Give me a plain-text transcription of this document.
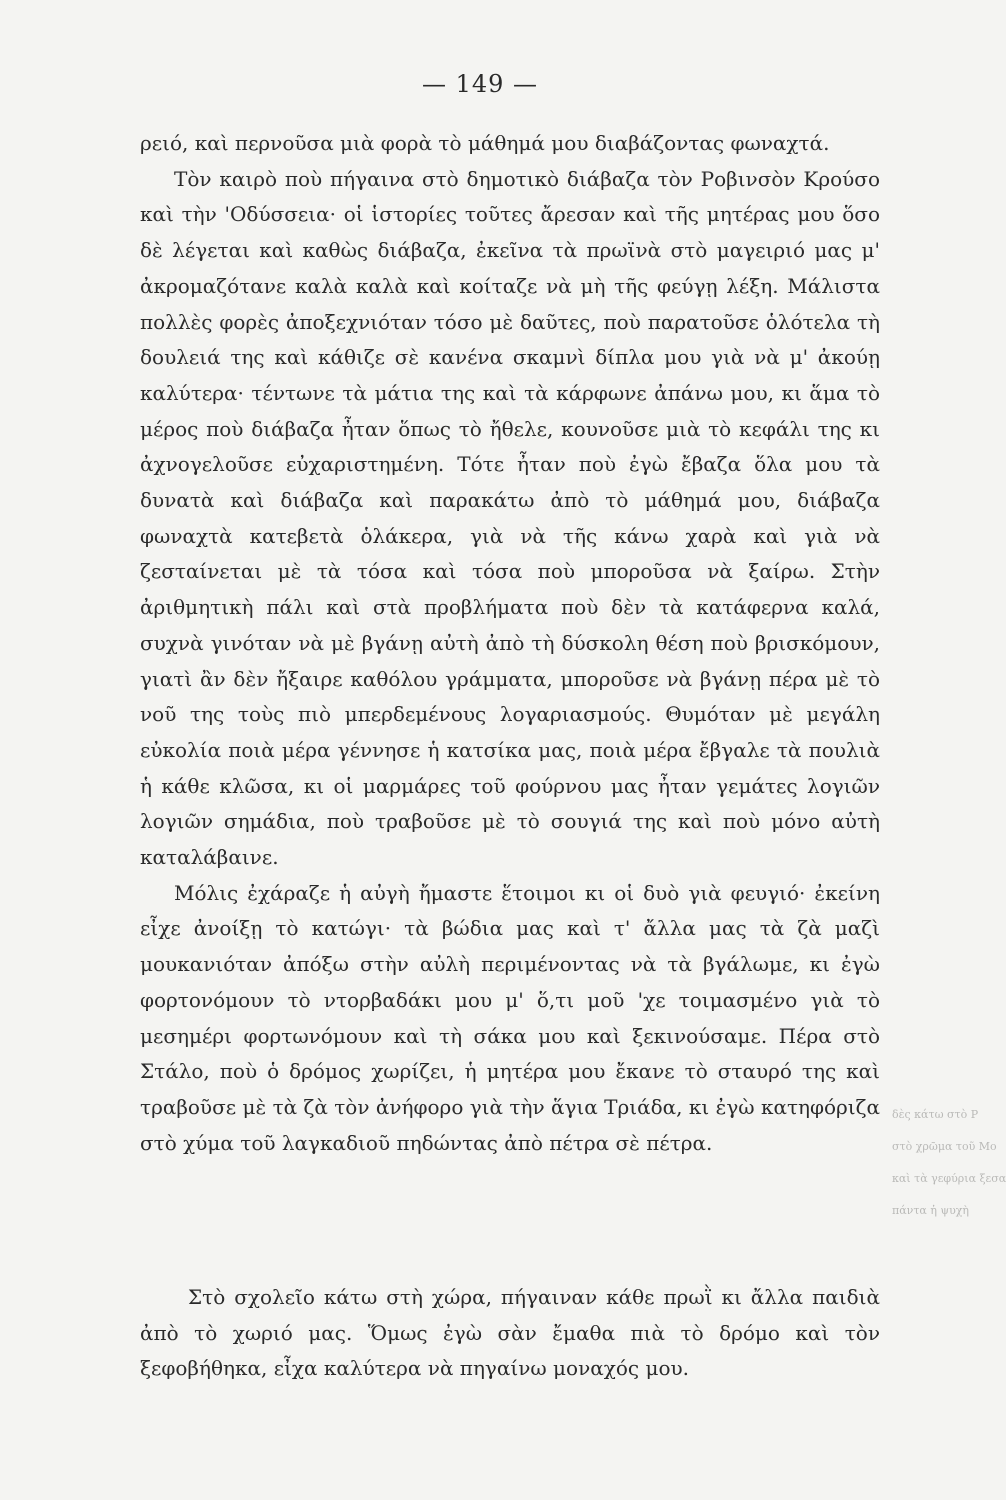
— 149 —

ρειό, καὶ περνοῦσα μιὰ φορὰ τὸ μάθημά μου διαβάζοντας φωναχτά.

Τὸν καιρὸ ποὺ πήγαινα στὸ δημοτικὸ διάβαζα τὸν Ροβινσὸν Κρούσο καὶ τὴν 'Οδύσσεια· οἱ ἱστορίες τοῦτες ἄρεσαν καὶ τῆς μητέρας μου ὅσο δὲ λέγεται καὶ καθὼς διάβαζα, ἐκεῖνα τὰ πρωϊνὰ στὸ μαγειριό μας μ' ἀκρομαζότανε καλὰ καλὰ καὶ κοίταζε νὰ μὴ τῆς φεύγῃ λέξη. Μάλιστα πολλὲς φορὲς ἀποξεχνιόταν τόσο μὲ δαῦτες, ποὺ παρατοῦσε ὁλότελα τὴ δουλειά της καὶ κάθιζε σὲ κανένα σκαμνὶ δίπλα μου γιὰ νὰ μ' ἀκούῃ καλύτερα· τέντωνε τὰ μάτια της καὶ τὰ κάρφωνε ἀπάνω μου, κι ἅμα τὸ μέρος ποὺ διάβαζα ἦταν ὅπως τὸ ἤθελε, κουνοῦσε μιὰ τὸ κεφάλι της κι ἀχνογελοῦσε εὐχαριστημένη. Τότε ἦταν ποὺ ἐγὼ ἔβαζα ὅλα μου τὰ δυνατὰ καὶ διάβαζα καὶ παρακάτω ἀπὸ τὸ μάθημά μου, διάβαζα φωναχτὰ κατεβετὰ ὁλάκερα, γιὰ νὰ τῆς κάνω χαρὰ καὶ γιὰ νὰ ζεσταίνεται μὲ τὰ τόσα καὶ τόσα ποὺ μποροῦσα νὰ ξαίρω. Στὴν ἀριθμητικὴ πάλι καὶ στὰ προβλήματα ποὺ δὲν τὰ κατάφερνα καλά, συχνὰ γινόταν νὰ μὲ βγάνῃ αὐτὴ ἀπὸ τὴ δύσκολη θέση ποὺ βρισκόμουν, γιατὶ ἂν δὲν ἤξαιρε καθόλου γράμματα, μποροῦσε νὰ βγάνῃ πέρα μὲ τὸ νοῦ της τοὺς πιὸ μπερδεμένους λογαριασμούς. Θυμόταν μὲ μεγάλη εὐκολία ποιὰ μέρα γέννησε ἡ κατσίκα μας, ποιὰ μέρα ἔβγαλε τὰ πουλιὰ ἡ κάθε κλῶσα, κι οἱ μαρμάρες τοῦ φούρνου μας ἦταν γεμάτες λογιῶν λογιῶν σημάδια, ποὺ τραβοῦσε μὲ τὸ σουγιά της καὶ ποὺ μόνο αὐτὴ καταλάβαινε.

Μόλις ἐχάραζε ἡ αὐγὴ ἤμαστε ἕτοιμοι κι οἱ δυὸ γιὰ φευγιό· ἐκείνη εἶχε ἀνοίξῃ τὸ κατώγι· τὰ βώδια μας καὶ τ' ἄλλα μας τὰ ζὰ μαζὶ μουκανιόταν ἀπόξω στὴν αὐλὴ περιμένοντας νὰ τὰ βγάλωμε, κι ἐγὼ φορτονόμουν τὸ ντορβαδάκι μου μ' ὅ,τι μοῦ 'χε τοιμασμένο γιὰ τὸ μεσημέρι φορτωνόμουν καὶ τὴ σάκα μου καὶ ξεκινούσαμε. Πέρα στὸ Στάλο, ποὺ ὁ δρόμος χωρίζει, ἡ μητέρα μου ἔκανε τὸ σταυρό της καὶ τραβοῦσε μὲ τὰ ζὰ τὸν ἀνήφορο γιὰ τὴν ἅγια Τριάδα, κι ἐγὼ κατηφόριζα στὸ χύμα τοῦ λαγκαδιοῦ πηδώντας ἀπὸ πέτρα σὲ πέτρα.

Στὸ σχολεῖο κάτω στὴ χώρα, πήγαιναν κάθε πρωῒ κι ἄλλα παιδιὰ ἀπὸ τὸ χωριό μας. Ὅμως ἐγὼ σὰν ἔμαθα πιὰ τὸ δρόμο καὶ τὸν ξεφοβήθηκα, εἶχα καλύτερα νὰ πηγαίνω μοναχός μου.

δὲς κάτω στὸ Ρ
στὸ χρῶμα τοῦ Μο
καὶ τὰ γεφύρια ξεσα
πάντα ἡ ψυχὴ
